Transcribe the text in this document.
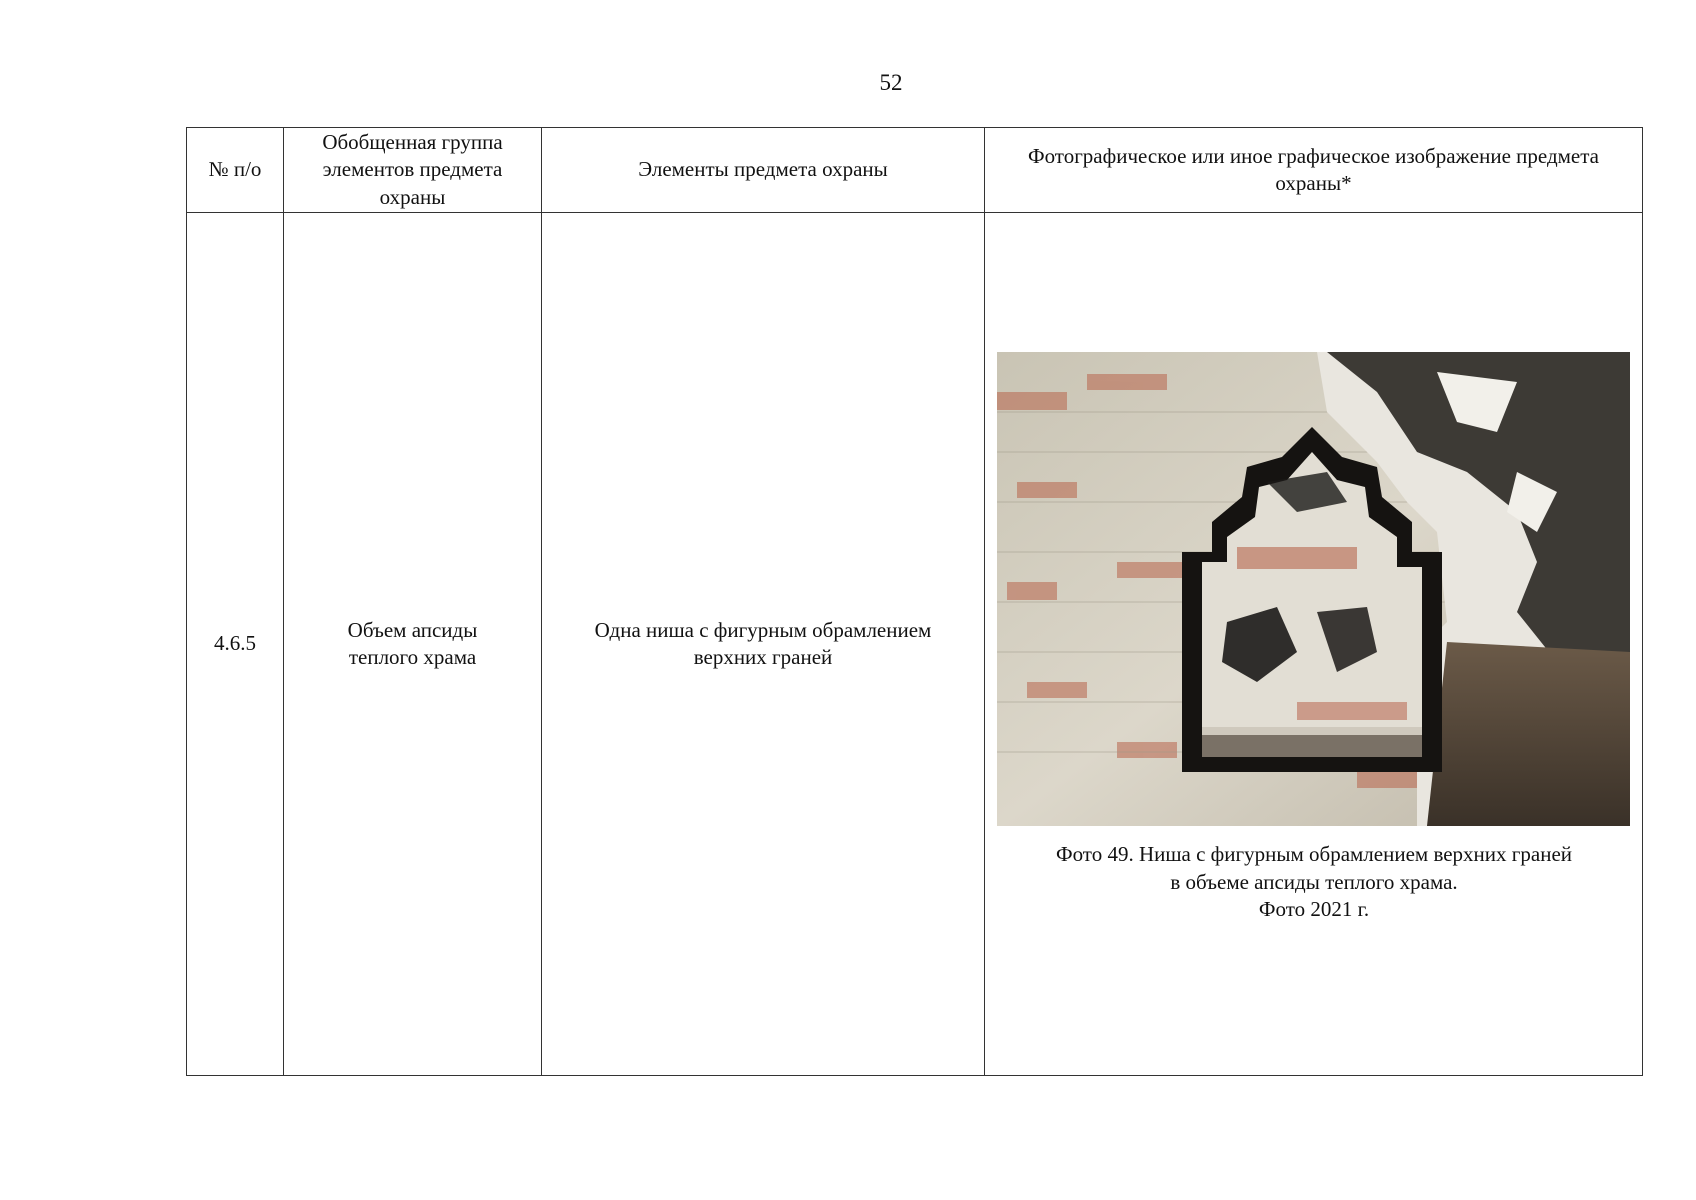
52
№ п/о	Обобщенная группа элементов предмета охраны	Элементы предмета охраны	Фотографическое или иное графическое изображение предмета охраны*
4.6.5	Объем апсиды теплого храма	Одна ниша с фигурным обрамлением верхних граней	Фото 49. Ниша с фигурным обрамлением верхних граней
в объеме апсиды теплого храма.
Фото 2021 г.
